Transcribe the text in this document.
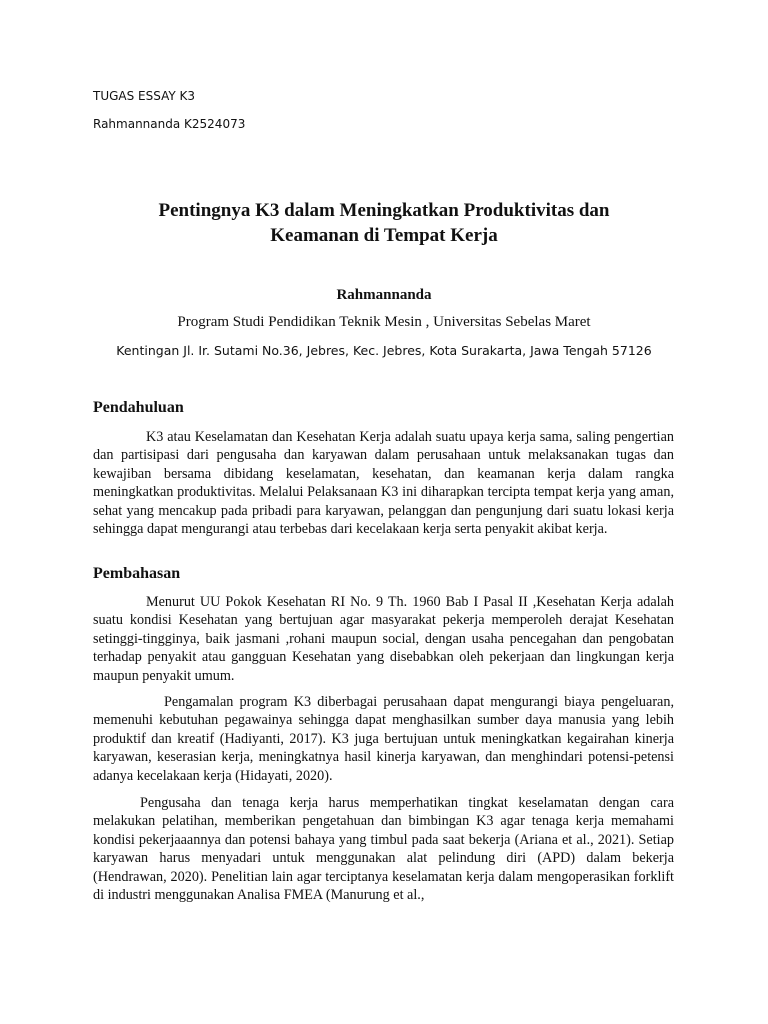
TUGAS ESSAY K3
Rahmannanda K2524073
Pentingnya K3 dalam Meningkatkan Produktivitas dan
Keamanan di Tempat Kerja
Rahmannanda
Program Studi Pendidikan Teknik Mesin , Universitas Sebelas Maret
Kentingan Jl. Ir. Sutami No.36, Jebres, Kec. Jebres, Kota Surakarta, Jawa Tengah 57126
Pendahuluan

K3 atau Keselamatan dan Kesehatan Kerja adalah suatu upaya kerja sama, saling pengertian dan partisipasi dari pengusaha dan karyawan dalam perusahaan untuk melaksanakan tugas dan kewajiban bersama dibidang keselamatan, kesehatan, dan keamanan kerja dalam rangka meningkatkan produktivitas. Melalui Pelaksanaan K3 ini diharapkan tercipta tempat kerja yang aman, sehat yang mencakup pada pribadi para karyawan, pelanggan dan pengunjung dari suatu lokasi kerja sehingga dapat mengurangi atau terbebas dari kecelakaan kerja serta penyakit akibat kerja.

Pembahasan

Menurut UU Pokok Kesehatan RI No. 9 Th. 1960 Bab I Pasal II ,Kesehatan Kerja adalah suatu kondisi Kesehatan yang bertujuan agar masyarakat pekerja memperoleh derajat Kesehatan setinggi-tingginya, baik jasmani ,rohani maupun social, dengan usaha pencegahan dan pengobatan terhadap penyakit atau gangguan Kesehatan yang disebabkan oleh pekerjaan dan lingkungan kerja maupun penyakit umum.

Pengamalan program K3 diberbagai perusahaan dapat mengurangi biaya pengeluaran, memenuhi kebutuhan pegawainya sehingga dapat menghasilkan sumber daya manusia yang lebih produktif dan kreatif (Hadiyanti, 2017). K3 juga bertujuan untuk meningkatkan kegairahan kinerja karyawan, keserasian kerja, meningkatnya hasil kinerja karyawan, dan menghindari potensi-petensi adanya kecelakaan kerja (Hidayati, 2020).

Pengusaha dan tenaga kerja harus memperhatikan tingkat keselamatan dengan cara melakukan pelatihan, memberikan pengetahuan dan bimbingan K3 agar tenaga kerja memahami kondisi pekerjaaannya dan potensi bahaya yang timbul pada saat bekerja (Ariana et al., 2021). Setiap karyawan harus menyadari untuk menggunakan alat pelindung diri (APD) dalam bekerja (Hendrawan, 2020). Penelitian lain agar terciptanya keselamatan kerja dalam mengoperasikan forklift di industri menggunakan Analisa FMEA (Manurung et al.,
